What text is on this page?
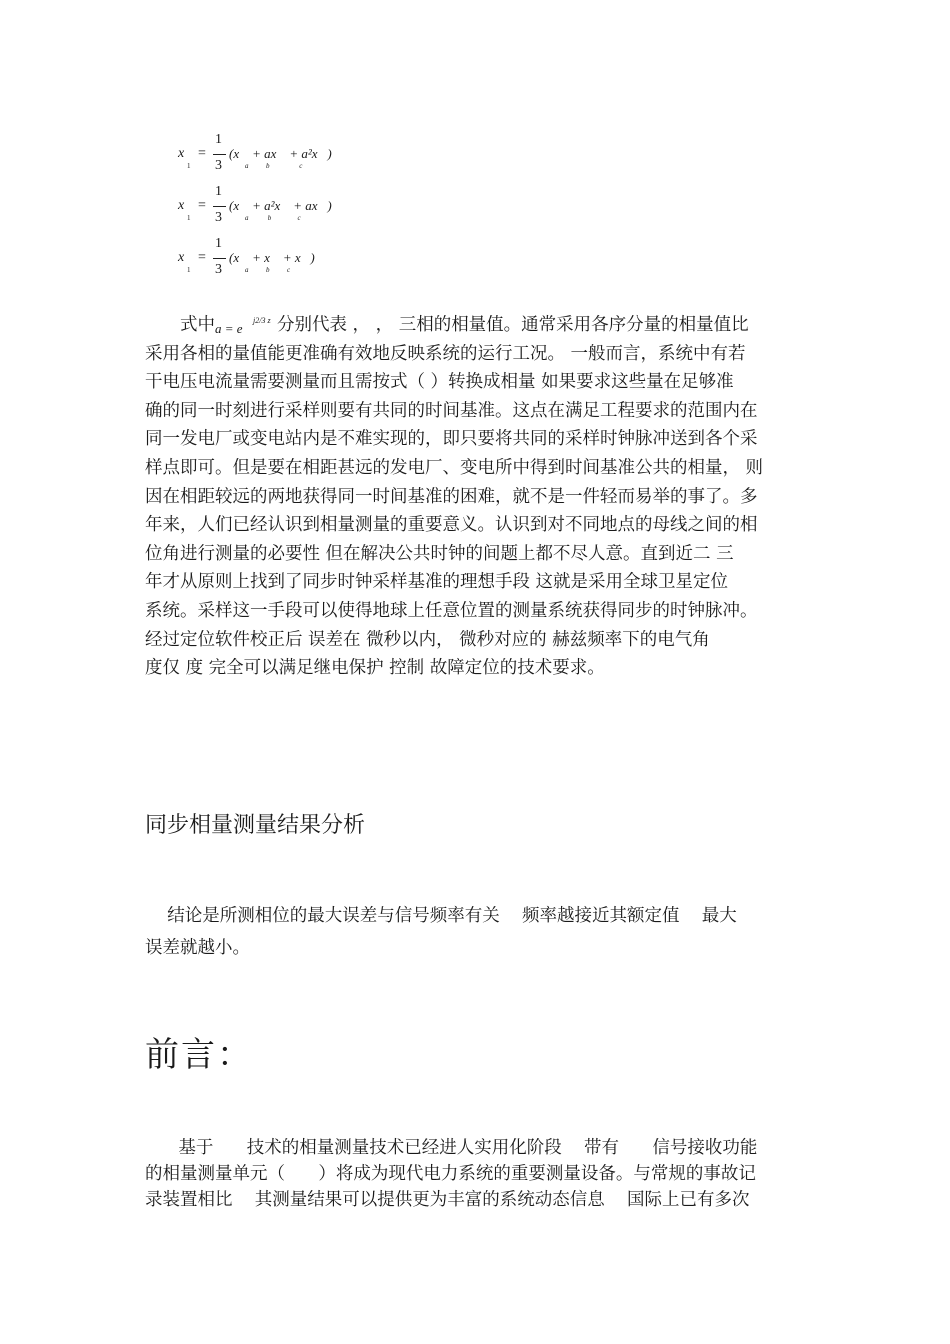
x
1
=

1

3

(x    + ax    + a²x   )
a          b                 c
x
1
=

1

3

(x    + a²x    + ax   )
a           b               c
x
1
=

1

3

(x    + x    + x   )
a          b          c
式中 a = e
j2/3 z 分别代表 ， ， 三相的相量值。通常采用各序分量的相量值比
采用各相的量值能更准确有效地反映系统的运行工况。 一般而言，系统中有若
干电压电流量需要测量而且需按式（ ）转换成相量 如果要求这些量在足够准
确的同一时刻进行采样则要有共同的时间基准。这点在满足工程要求的范围内在
同一发电厂或变电站内是不难实现的，即只要将共同的采样时钟脉冲送到各个采
样点即可。但是要在相距甚远的发电厂、变电所中得到时间基准公共的相量， 则
因在相距较远的两地获得同一时间基准的困难，就不是一件轻而易举的事了。多
年来，人们已经认识到相量测量的重要意义。认识到对不同地点的母线之间的相
位角进行测量的必要性 但在解决公共时钟的间题上都不尽人意。直到近二 三
年才从原则上找到了同步时钟采样基准的理想手段 这就是采用全球卫星定位
系统。采样这一手段可以使得地球上任意位置的测量系统获得同步的时钟脉冲。
经过定位软件校正后 误差在 微秒以内， 微秒对应的 赫兹频率下的电气角
度仅 度 完全可以满足继电保护 控制 故障定位的技术要求。
同步相量测量结果分析
结论是所测相位的最大误差与信号频率有关    频率越接近其额定值    最大
误差就越小。
前言：
基于      技术的相量测量技术已经进人实用化阶段    带有      信号接收功能
的相量测量单元（      ）将成为现代电力系统的重要测量设备。与常规的事故记
录装置相比    其测量结果可以提供更为丰富的系统动态信息    国际上已有多次
